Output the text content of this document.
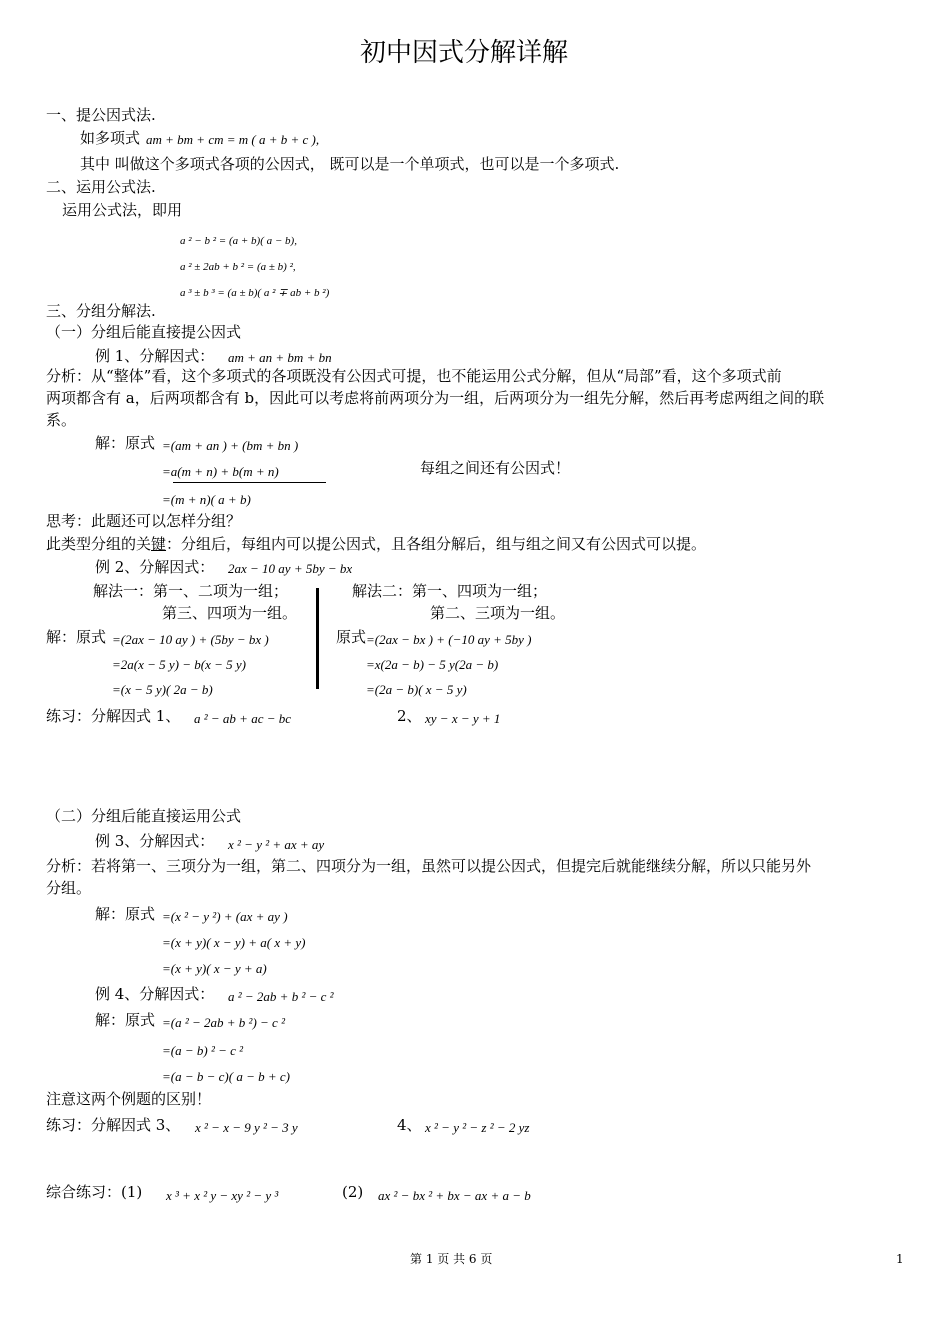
初中因式分解详解
一、提公因式法.
如多项式 am + bm + cm = m ( a + b + c ),
其中 叫做这个多项式各项的公因式， 既可以是一个单项式，也可以是一个多项式.
二、运用公式法.
运用公式法，即用
a ² − b ² = (a + b)( a − b),
a ² ± 2ab + b ² = (a ± b) ²,
a ³ ± b ³ = (a ± b)( a ² ∓ ab + b ²)
三、分组分解法.
（一）分组后能直接提公因式
例 1、分解因式： am + an + bm + bn
分析：从“整体”看，这个多项式的各项既没有公因式可提，也不能运用公式分解，但从“局部”看，这个多项式前
两项都含有 a，后两项都含有 b，因此可以考虑将前两项分为一组，后两项分为一组先分解，然后再考虑两组之间的联
系。
解：原式 =(am + an ) + (bm + bn )
=a(m + n) + b(m + n)	每组之间还有公因式！
=(m + n)( a + b)
思考：此题还可以怎样分组？
此类型分组的关键：分组后，每组内可以提公因式，且各组分解后，组与组之间又有公因式可以提。
例 2、分解因式： 2ax − 10 ay + 5by − bx
解法一：第一、二项为一组；
第三、四项为一组。
解法二：第一、四项为一组；
第二、三项为一组。
解：原式 =(2ax − 10 ay ) + (5by − bx )
=2a(x − 5 y) − b(x − 5 y)
=(x − 5 y)( 2a − b)
原式 =(2ax − bx ) + (−10 ay + 5by )
=x(2a − b) − 5 y(2a − b)
=(2a − b)( x − 5 y)
练习：分解因式 1、 a ² − ab + ac − bc	2、 xy − x − y + 1
（二）分组后能直接运用公式
例 3、分解因式： x ² − y ² + ax + ay
分析：若将第一、三项分为一组，第二、四项分为一组，虽然可以提公因式，但提完后就能继续分解，所以只能另外
分组。
解：原式 =(x ² − y ²) + (ax + ay )
=(x + y)( x − y) + a( x + y)
=(x + y)( x − y + a)
例 4、分解因式： a ² − 2ab + b ² − c ²
解：原式 =(a ² − 2ab + b ²) − c ²
=(a − b) ² − c ²
=(a − b − c)( a − b + c)
注意这两个例题的区别！
练习：分解因式 3、 x ² − x − 9 y ² − 3 y	4、 x ² − y ² − z ² − 2 yz
综合练习：(1) x ³ + x ² y − xy ² − y ³	(2) ax ² − bx ² + bx − ax + a − b
第 1 页 共 6 页	1
